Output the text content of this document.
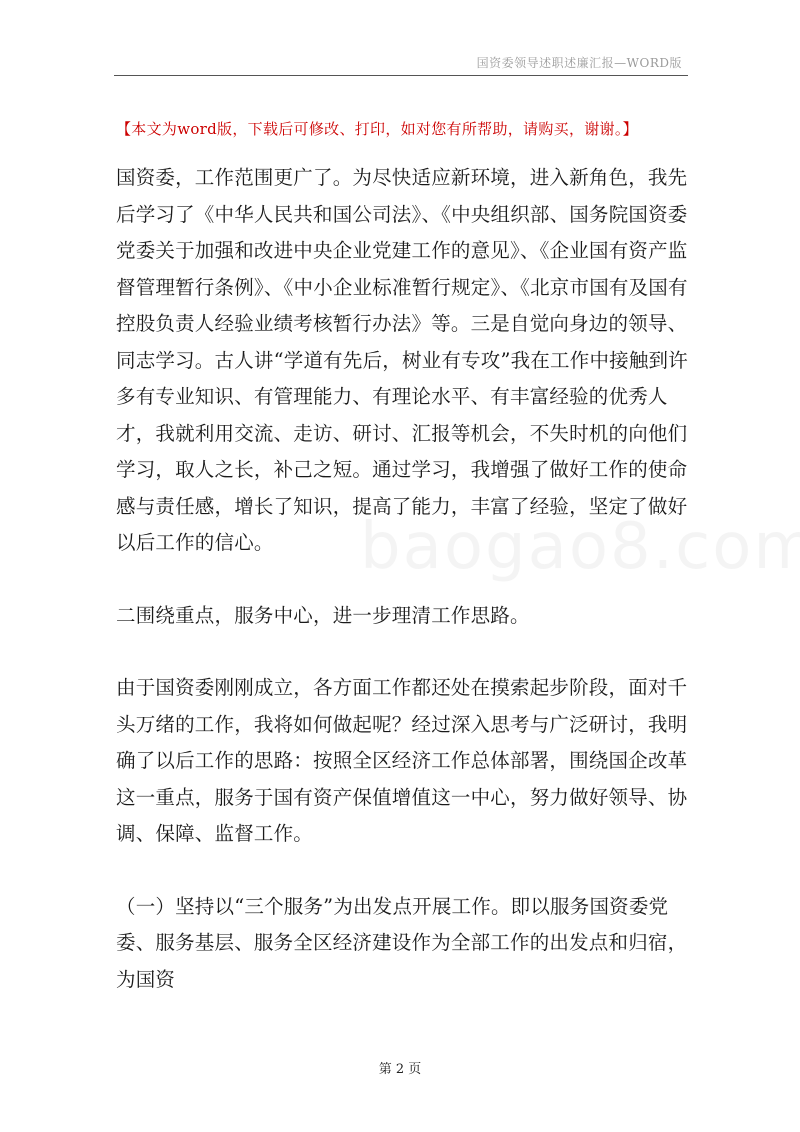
国资委领导述职述廉汇报—WORD版
【本文为word版，下载后可修改、打印，如对您有所帮助，请购买，谢谢。】

国资委，工作范围更广了。为尽快适应新环境，进入新角色，我先后学习了《中华人民共和国公司法》、《中央组织部、国务院国资委党委关于加强和改进中央企业党建工作的意见》、《企业国有资产监督管理暂行条例》、《中小企业标准暂行规定》、《北京市国有及国有控股负责人经验业绩考核暂行办法》等。三是自觉向身边的领导、同志学习。古人讲“学道有先后，树业有专攻”我在工作中接触到许多有专业知识、有管理能力、有理论水平、有丰富经验的优秀人才，我就利用交流、走访、研讨、汇报等机会，不失时机的向他们学习，取人之长，补己之短。通过学习，我增强了做好工作的使命感与责任感，增长了知识，提高了能力，丰富了经验，坚定了做好以后工作的信心。

二围绕重点，服务中心，进一步理清工作思路。

由于国资委刚刚成立，各方面工作都还处在摸索起步阶段，面对千头万绪的工作，我将如何做起呢？经过深入思考与广泛研讨，我明确了以后工作的思路：按照全区经济工作总体部署，围绕国企改革这一重点，服务于国有资产保值增值这一中心，努力做好领导、协调、保障、监督工作。

（一）坚持以“三个服务”为出发点开展工作。即以服务国资委党委、服务基层、服务全区经济建设作为全部工作的出发点和归宿，为国资

第 2 页
